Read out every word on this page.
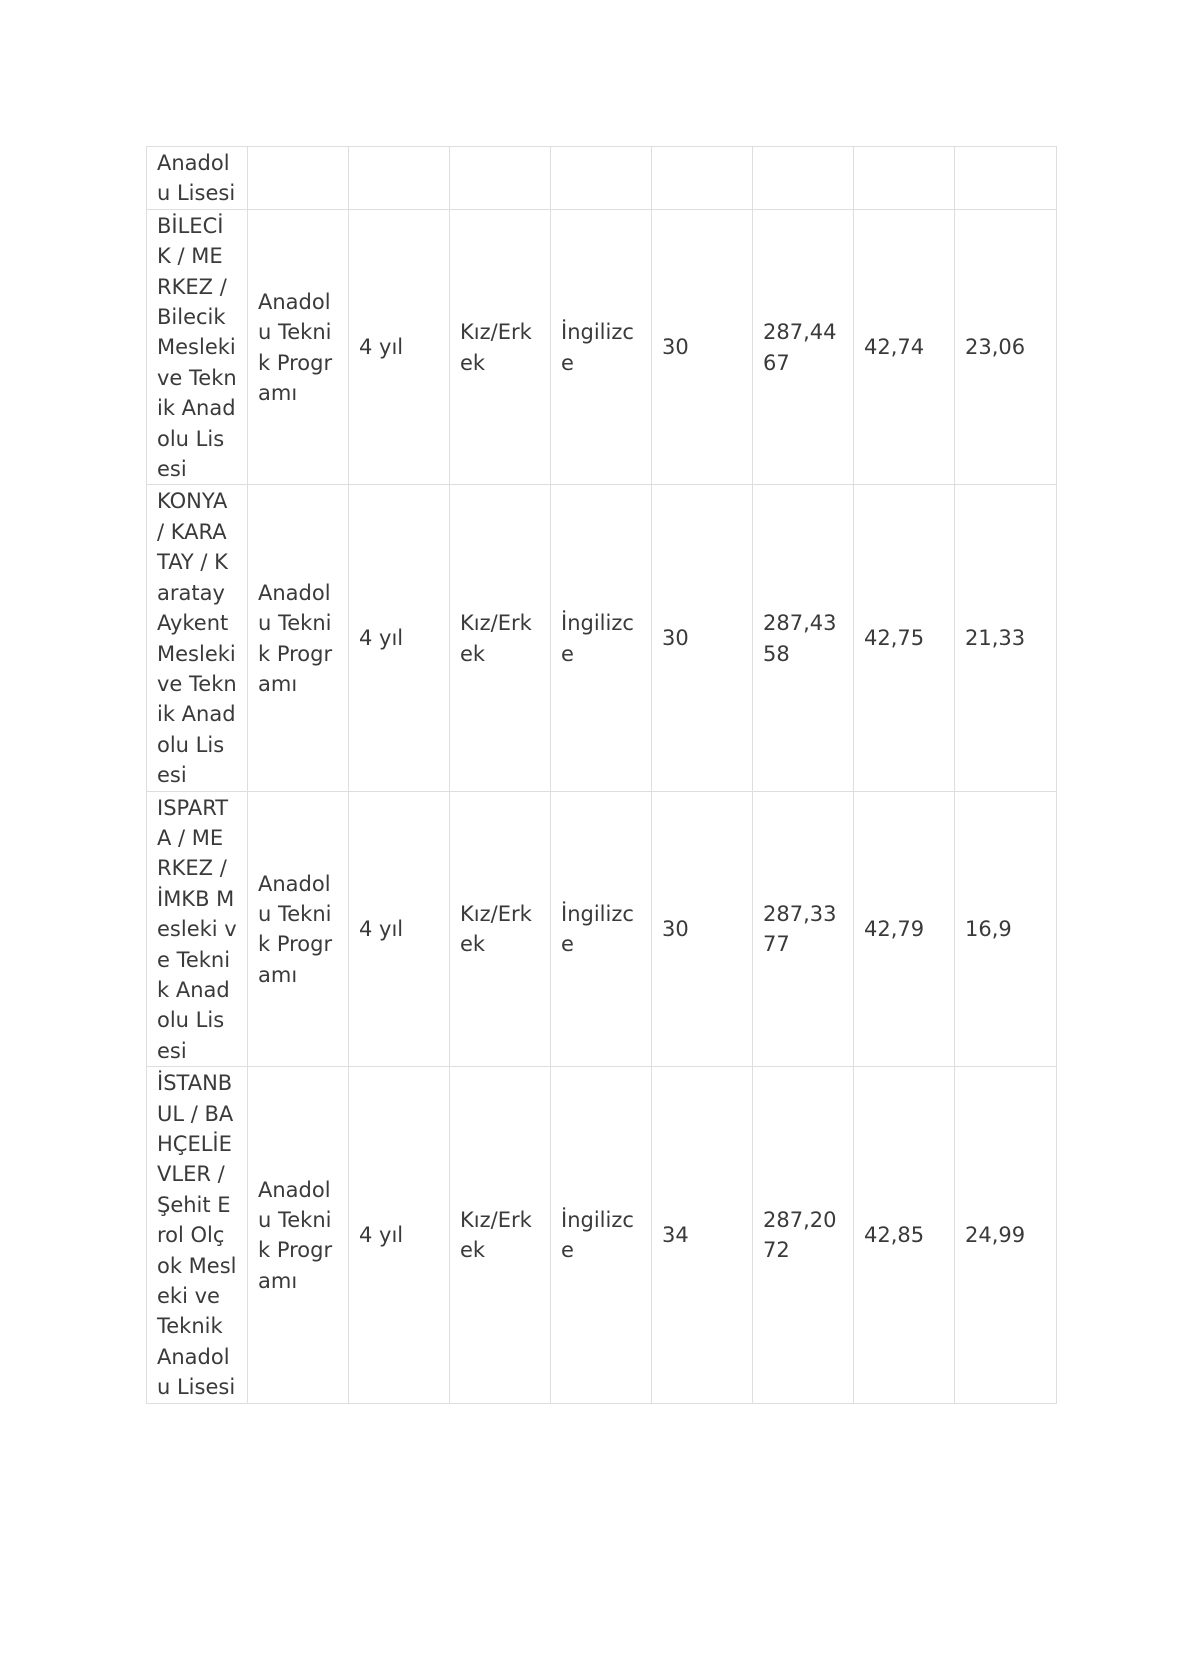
Anadolu Lisesi								
BİLECİK / MERKEZ / Bilecik Mesleki ve Teknik Anadolu Lisesi	Anadolu Teknik Programı	4 yıl	Kız/Erkek	İngilizce	30	287,4467	42,74	23,06
KONYA / KARATAY / Karatay Aykent Mesleki ve Teknik Anadolu Lisesi	Anadolu Teknik Programı	4 yıl	Kız/Erkek	İngilizce	30	287,4358	42,75	21,33
ISPARTA / MERKEZ / İMKB Mesleki ve Teknik Anadolu Lisesi	Anadolu Teknik Programı	4 yıl	Kız/Erkek	İngilizce	30	287,3377	42,79	16,9
İSTANBUL / BAHÇELİEVLER / Şehit Erol Olçok Mesleki ve Teknik Anadolu Lisesi	Anadolu Teknik Programı	4 yıl	Kız/Erkek	İngilizce	34	287,2072	42,85	24,99
